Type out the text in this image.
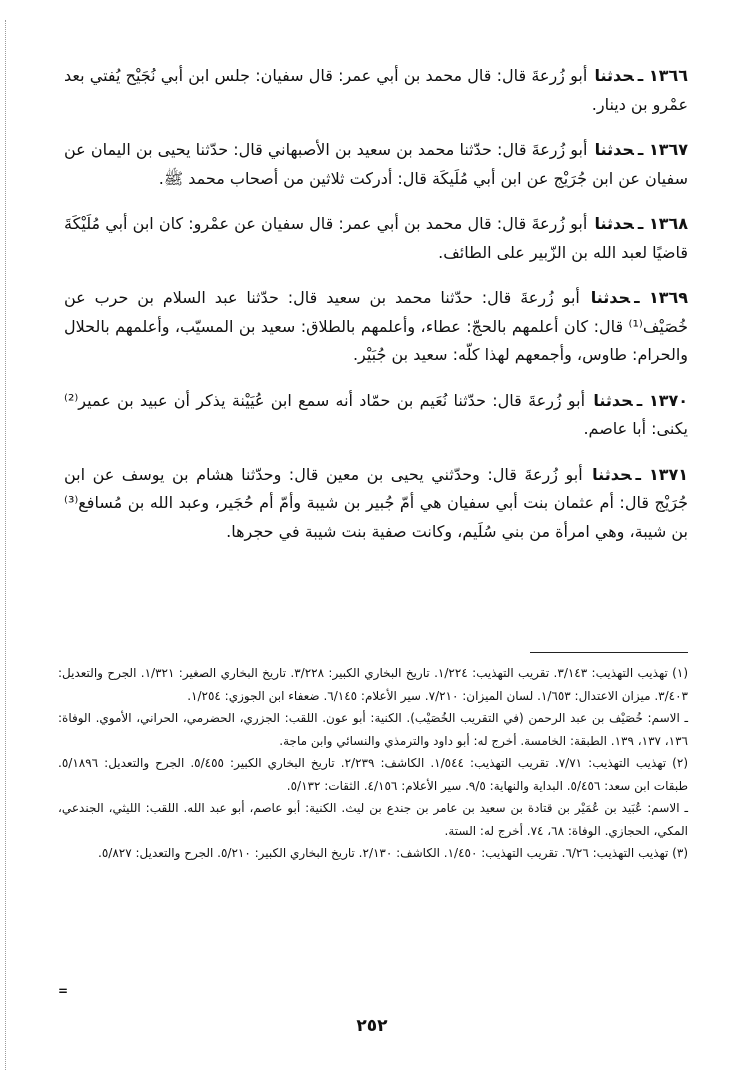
١٣٦٦ ـحدثنا أبو زُرعةَ قال: قال محمد بن أبي عمر: قال سفيان: جلس ابن أبي نُجَيْح يُفتي بعد عمْرو بن دينار.

١٣٦٧ ـحدثنا أبو زُرعةَ قال: حدّثنا محمد بن سعيد بن الأصبهاني قال: حدّثنا يحيى بن اليمان عن سفيان عن ابن جُرَيْج عن ابن أبي مُلَيكَة قال: أدركت ثلاثين من أصحاب محمد ﷺ.

١٣٦٨ ـحدثنا أبو زُرعةَ قال: قال محمد بن أبي عمر: قال سفيان عن عمْرو: كان ابن أبي مُلَيْكَةَ قاضيًا لعبد الله بن الزّبير على الطائف.

١٣٦٩ ـحدثنا أبو زُرعةَ قال: حدّثنا محمد بن سعيد قال: حدّثنا عبد السلام بن حرب عن خُصَيْف⁽¹⁾ قال: كان أعلمهم بالحجّ: عطاء، وأعلمهم بالطلاق: سعيد بن المسيّب، وأعلمهم بالحلال والحرام: طاوس، وأجمعهم لهذا كلّه: سعيد بن جُبَيْر.

١٣٧٠ ـحدثنا أبو زُرعةَ قال: حدّثنا نُعَيم بن حمّاد أنه سمع ابن عُيَيْنة يذكر أن عبيد بن عمير⁽²⁾ يكنى: أبا عاصم.

١٣٧١ ـحدثنا أبو زُرعةَ قال: وحدّثني يحيى بن معين قال: وحدّثنا هشام بن يوسف عن ابن جُرَيْج قال: أم عثمان بنت أبي سفيان هي أمّ جُبير بن شيبة وأمّ أم حُجَير، وعبد الله بن مُسافع⁽³⁾ بن شيبة، وهي امرأة من بني سُلَيم، وكانت صفية بنت شيبة في حجرها.

(١) تهذيب التهذيب: ٣/١٤٣. تقريب التهذيب: ١/٢٢٤. تاريخ البخاري الكبير: ٣/٢٢٨. تاريخ البخاري الصغير: ١/٣٢١. الجرح والتعديل: ٣/٤٠٣. ميزان الاعتدال: ١/٦٥٣. لسان الميزان: ٧/٢١٠. سير الأعلام: ٦/١٤٥. ضعفاء ابن الجوزي: ١/٢٥٤.

ـ الاسم: خُصَيْف بن عبد الرحمن (في التقريب الخُصَيْب). الكنية: أبو عون. اللقب: الجزري، الحضرمي، الحراني، الأموي. الوفاة: ١٣٦، ١٣٧، ١٣٩. الطبقة: الخامسة. أخرج له: أبو داود والترمذي والنسائي وابن ماجة.

(٢) تهذيب التهذيب: ٧/٧١. تقريب التهذيب: ١/٥٤٤. الكاشف: ٢/٢٣٩. تاريخ البخاري الكبير: ٥/٤٥٥. الجرح والتعديل: ٥/١٨٩٦. طبقات ابن سعد: ٥/٤٥٦. البداية والنهاية: ٩/٥. سير الأعلام: ٤/١٥٦. الثقات: ٥/١٣٢.

ـ الاسم: عُبَيد بن عُمَيْر بن قتادة بن سعيد بن عامر بن جندع بن ليث. الكنية: أبو عاصم، أبو عبد الله. اللقب: الليثي، الجندعي، المكي، الحجازي. الوفاة: ٦٨، ٧٤. أخرج له: الستة.

(٣) تهذيب التهذيب: ٦/٢٦. تقريب التهذيب: ١/٤٥٠. الكاشف: ٢/١٣٠. تاريخ البخاري الكبير: ٥/٢١٠. الجرح والتعديل: ٥/٨٢٧.

=
٢٥٢
